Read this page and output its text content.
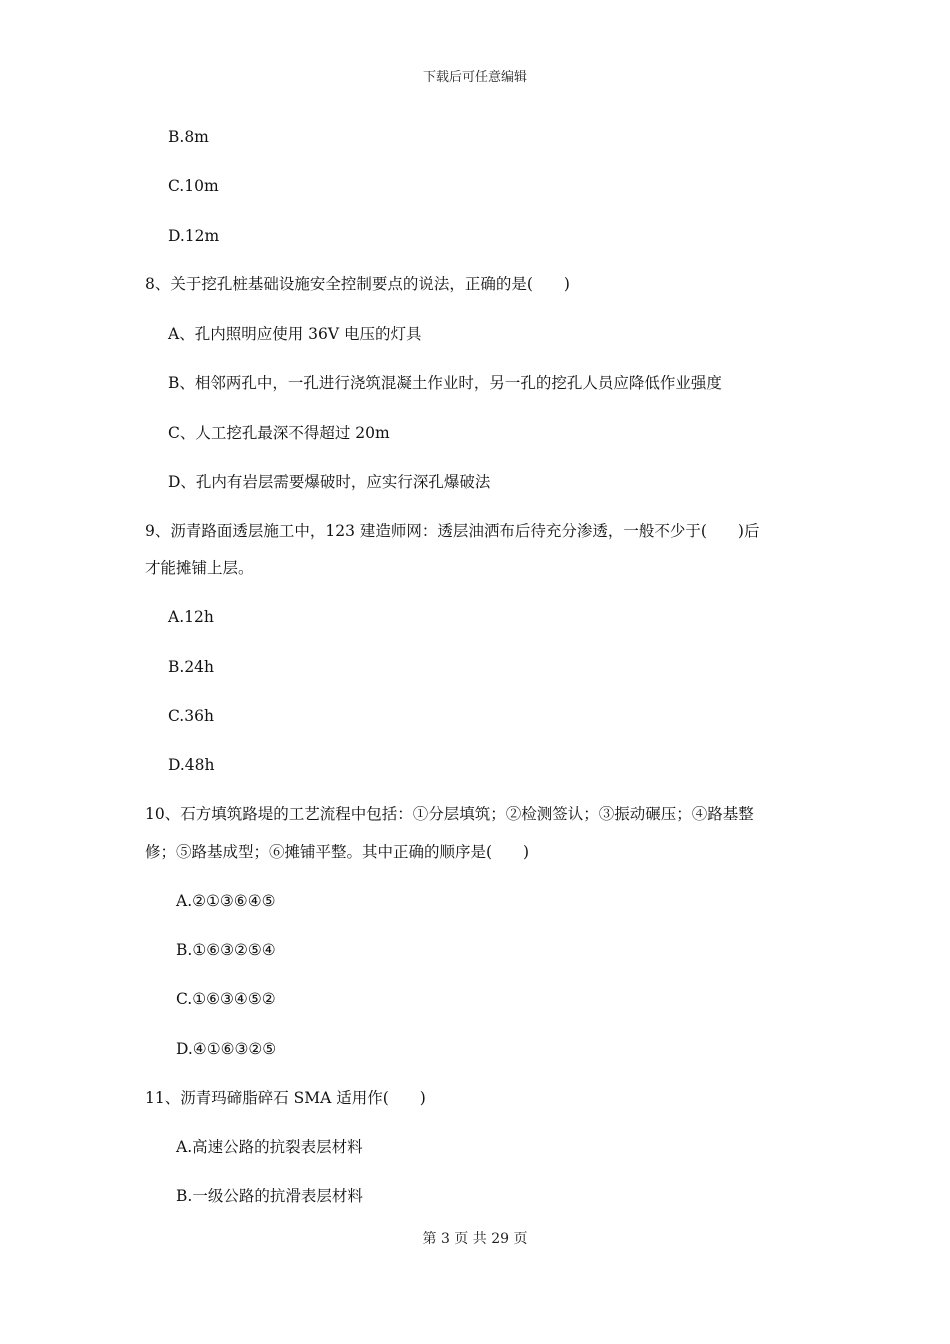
下载后可任意编辑
B.8m
C.10m
D.12m
8、关于挖孔桩基础设施安全控制要点的说法，正确的是(　　)
A、孔内照明应使用 36V 电压的灯具
B、相邻两孔中，一孔进行浇筑混凝土作业时，另一孔的挖孔人员应降低作业强度
C、人工挖孔最深不得超过 20m
D、孔内有岩层需要爆破时，应实行深孔爆破法
9、沥青路面透层施工中，123 建造师网：透层油洒布后待充分渗透，一般不少于(　　)后
才能摊铺上层。
A.12h
B.24h
C.36h
D.48h
10、石方填筑路堤的工艺流程中包括：①分层填筑；②检测签认；③振动碾压；④路基整
修；⑤路基成型；⑥摊铺平整。其中正确的顺序是(　　)
A.②①③⑥④⑤
B.①⑥③②⑤④
C.①⑥③④⑤②
D.④①⑥③②⑤
11、沥青玛碲脂碎石 SMA 适用作(　　)
A.高速公路的抗裂表层材料
B.一级公路的抗滑表层材料
第 3 页 共 29 页
